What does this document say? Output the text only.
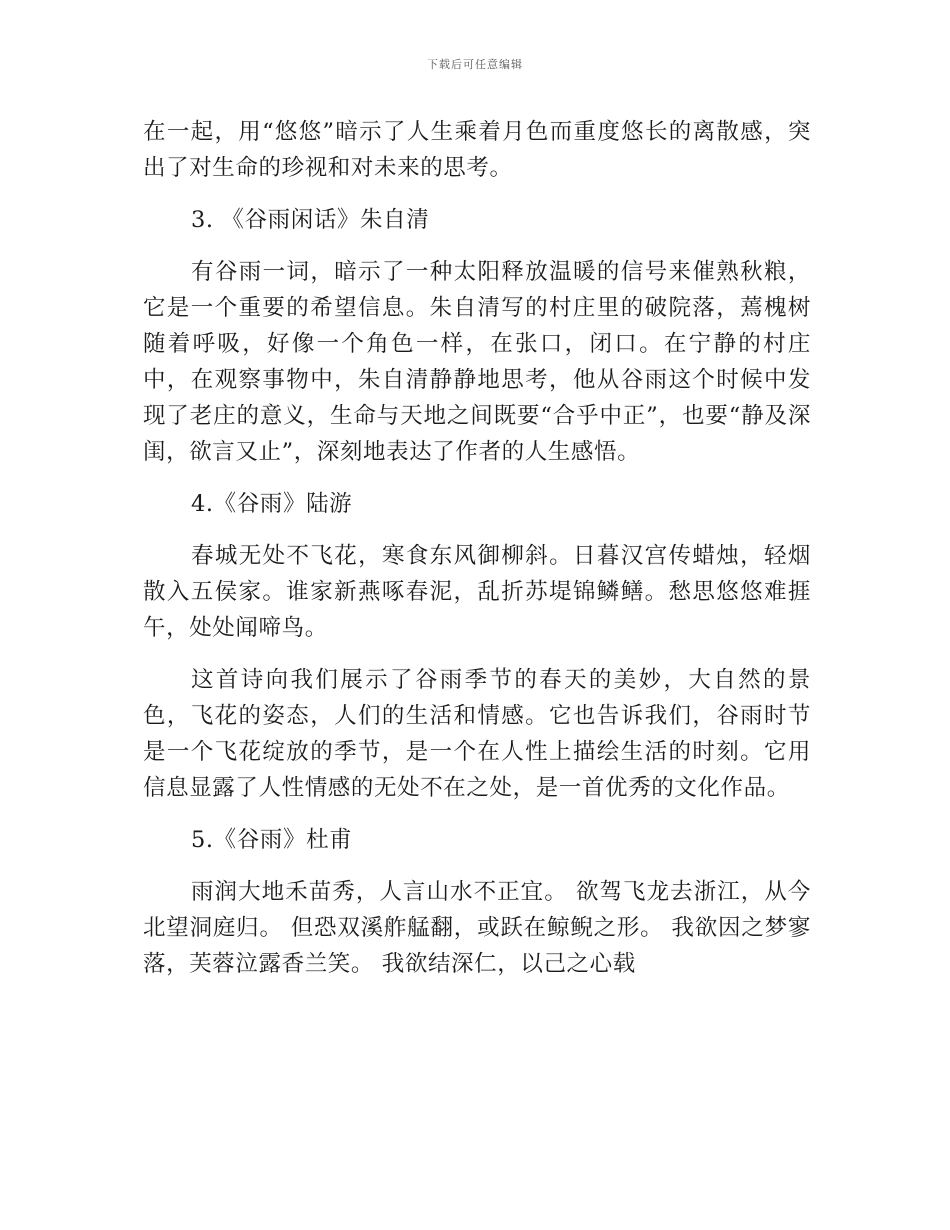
下载后可任意编辑

在一起，用“悠悠”暗示了人生乘着月色而重度悠长的离散感，突出了对生命的珍视和对未来的思考。

3. 《谷雨闲话》朱自清

有谷雨一词，暗示了一种太阳释放温暖的信号来催熟秋粮，它是一个重要的希望信息。朱自清写的村庄里的破院落，蔫槐树随着呼吸，好像一个角色一样，在张口，闭口。在宁静的村庄中，在观察事物中，朱自清静静地思考，他从谷雨这个时候中发现了老庄的意义，生命与天地之间既要“合乎中正”，也要“静及深闺，欲言又止”，深刻地表达了作者的人生感悟。

4.《谷雨》陆游

春城无处不飞花，寒食东风御柳斜。日暮汉宫传蜡烛，轻烟散入五侯家。谁家新燕啄春泥，乱折苏堤锦鳞鳝。愁思悠悠难捱午，处处闻啼鸟。

这首诗向我们展示了谷雨季节的春天的美妙，大自然的景色，飞花的姿态，人们的生活和情感。它也告诉我们，谷雨时节是一个飞花绽放的季节，是一个在人性上描绘生活的时刻。它用信息显露了人性情感的无处不在之处，是一首优秀的文化作品。

5.《谷雨》杜甫

雨润大地禾苗秀，人言山水不正宜。 欲驾飞龙去浙江，从今北望洞庭归。 但恐双溪舴艋翻，或跃在鲸鲵之形。 我欲因之梦寥落，芙蓉泣露香兰笑。 我欲结深仁，以己之心载
